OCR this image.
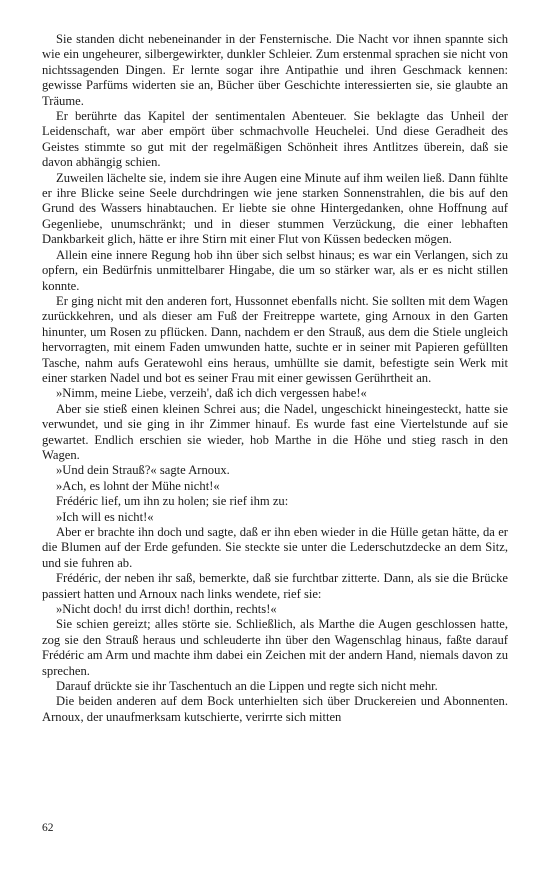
Sie standen dicht nebeneinander in der Fensternische. Die Nacht vor ihnen spannte sich wie ein ungeheurer, silbergewirkter, dunkler Schleier. Zum erstenmal sprachen sie nicht von nichtssagenden Dingen. Er lernte sogar ihre Antipathie und ihren Geschmack kennen: gewisse Parfüms widerten sie an, Bücher über Geschichte interessierten sie, sie glaubte an Träume.

Er berührte das Kapitel der sentimentalen Abenteuer. Sie beklagte das Unheil der Leidenschaft, war aber empört über schmachvolle Heuchelei. Und diese Geradheit des Geistes stimmte so gut mit der regelmäßigen Schönheit ihres Antlitzes überein, daß sie davon abhängig schien.

Zuweilen lächelte sie, indem sie ihre Augen eine Minute auf ihm weilen ließ. Dann fühlte er ihre Blicke seine Seele durchdringen wie jene starken Sonnenstrahlen, die bis auf den Grund des Wassers hinabtauchen. Er liebte sie ohne Hintergedanken, ohne Hoffnung auf Gegenliebe, unumschränkt; und in dieser stummen Verzückung, die einer lebhaften Dankbarkeit glich, hätte er ihre Stirn mit einer Flut von Küssen bedecken mögen.

Allein eine innere Regung hob ihn über sich selbst hinaus; es war ein Verlangen, sich zu opfern, ein Bedürfnis unmittelbarer Hingabe, die um so stärker war, als er es nicht stillen konnte.

Er ging nicht mit den anderen fort, Hussonnet ebenfalls nicht. Sie sollten mit dem Wagen zurückkehren, und als dieser am Fuß der Freitreppe wartete, ging Arnoux in den Garten hinunter, um Rosen zu pflücken. Dann, nachdem er den Strauß, aus dem die Stiele ungleich hervorragten, mit einem Faden umwunden hatte, suchte er in seiner mit Papieren gefüllten Tasche, nahm aufs Geratewohl eins heraus, umhüllte sie damit, befestigte sein Werk mit einer starken Nadel und bot es seiner Frau mit einer gewissen Gerührtheit an.

»Nimm, meine Liebe, verzeih', daß ich dich vergessen habe!«

Aber sie stieß einen kleinen Schrei aus; die Nadel, ungeschickt hineingesteckt, hatte sie verwundet, und sie ging in ihr Zimmer hinauf. Es wurde fast eine Viertelstunde auf sie gewartet. Endlich erschien sie wieder, hob Marthe in die Höhe und stieg rasch in den Wagen.

»Und dein Strauß?« sagte Arnoux.

»Ach, es lohnt der Mühe nicht!«

Frédéric lief, um ihn zu holen; sie rief ihm zu:

»Ich will es nicht!«

Aber er brachte ihn doch und sagte, daß er ihn eben wieder in die Hülle getan hätte, da er die Blumen auf der Erde gefunden. Sie steckte sie unter die Lederschutzdecke an dem Sitz, und sie fuhren ab.

Frédéric, der neben ihr saß, bemerkte, daß sie furchtbar zitterte. Dann, als sie die Brücke passiert hatten und Arnoux nach links wendete, rief sie:

»Nicht doch! du irrst dich! dorthin, rechts!«

Sie schien gereizt; alles störte sie. Schließlich, als Marthe die Augen geschlossen hatte, zog sie den Strauß heraus und schleuderte ihn über den Wagenschlag hinaus, faßte darauf Frédéric am Arm und machte ihm dabei ein Zeichen mit der andern Hand, niemals davon zu sprechen.

Darauf drückte sie ihr Taschentuch an die Lippen und regte sich nicht mehr.

Die beiden anderen auf dem Bock unterhielten sich über Druckereien und Abonnenten. Arnoux, der unaufmerksam kutschierte, verirrte sich mitten

62
